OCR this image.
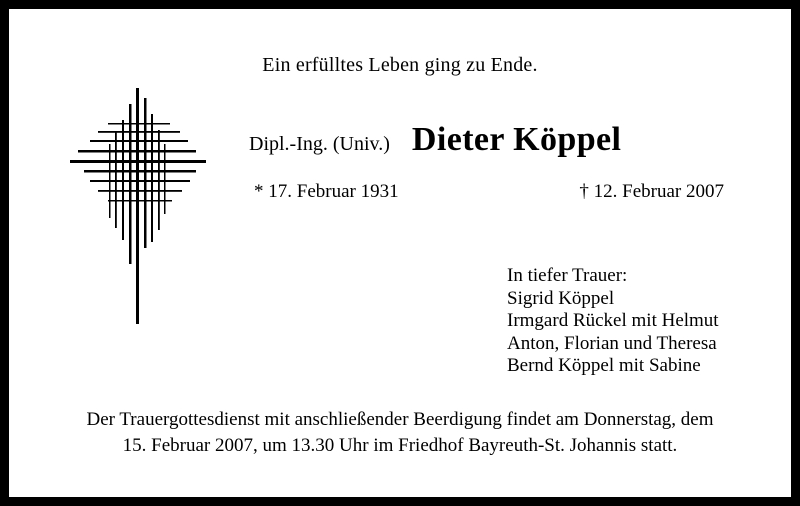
Ein erfülltes Leben ging zu Ende.
Dipl.-Ing. (Univ.) Dieter Köppel
* 17. Februar 1931	† 12. Februar 2007
In tiefer Trauer:
Sigrid Köppel
Irmgard Rückel mit Helmut
Anton, Florian und Theresa
Bernd Köppel mit Sabine
Der Trauergottesdienst mit anschließender Beerdigung findet am Donnerstag, dem
15. Februar 2007, um 13.30 Uhr im Friedhof Bayreuth-St. Johannis statt.
